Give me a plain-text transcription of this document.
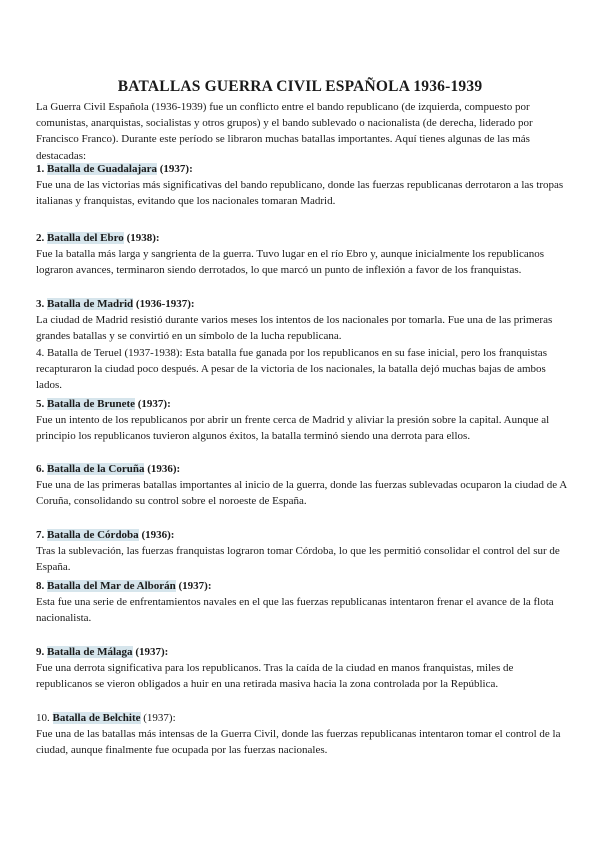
BATALLAS GUERRA CIVIL ESPAÑOLA 1936-1939
La Guerra Civil Española (1936-1939) fue un conflicto entre el bando republicano (de izquierda, compuesto por comunistas, anarquistas, socialistas y otros grupos) y el bando sublevado o nacionalista (de derecha, liderado por Francisco Franco). Durante este período se libraron muchas batallas importantes. Aquí tienes algunas de las más destacadas:
1. Batalla de Guadalajara (1937):
Fue una de las victorias más significativas del bando republicano, donde las fuerzas republicanas derrotaron a las tropas italianas y franquistas, evitando que los nacionales tomaran Madrid.
2. Batalla del Ebro (1938):
Fue la batalla más larga y sangrienta de la guerra. Tuvo lugar en el río Ebro y, aunque inicialmente los republicanos lograron avances, terminaron siendo derrotados, lo que marcó un punto de inflexión a favor de los franquistas.
3. Batalla de Madrid (1936-1937):
La ciudad de Madrid resistió durante varios meses los intentos de los nacionales por tomarla. Fue una de las primeras grandes batallas y se convirtió en un símbolo de la lucha republicana.
4. Batalla de Teruel (1937-1938): Esta batalla fue ganada por los republicanos en su fase inicial, pero los franquistas recapturaron la ciudad poco después. A pesar de la victoria de los nacionales, la batalla dejó muchas bajas de ambos lados.
5. Batalla de Brunete (1937):
Fue un intento de los republicanos por abrir un frente cerca de Madrid y aliviar la presión sobre la capital. Aunque al principio los republicanos tuvieron algunos éxitos, la batalla terminó siendo una derrota para ellos.
6. Batalla de la Coruña (1936):
Fue una de las primeras batallas importantes al inicio de la guerra, donde las fuerzas sublevadas ocuparon la ciudad de A Coruña, consolidando su control sobre el noroeste de España.
7. Batalla de Córdoba (1936):
Tras la sublevación, las fuerzas franquistas lograron tomar Córdoba, lo que les permitió consolidar el control del sur de España.
8. Batalla del Mar de Alborán (1937):
Esta fue una serie de enfrentamientos navales en el que las fuerzas republicanas intentaron frenar el avance de la flota nacionalista.
9. Batalla de Málaga (1937):
Fue una derrota significativa para los republicanos. Tras la caída de la ciudad en manos franquistas, miles de republicanos se vieron obligados a huir en una retirada masiva hacia la zona controlada por la República.
10. Batalla de Belchite (1937):
Fue una de las batallas más intensas de la Guerra Civil, donde las fuerzas republicanas intentaron tomar el control de la ciudad, aunque finalmente fue ocupada por las fuerzas nacionales.
